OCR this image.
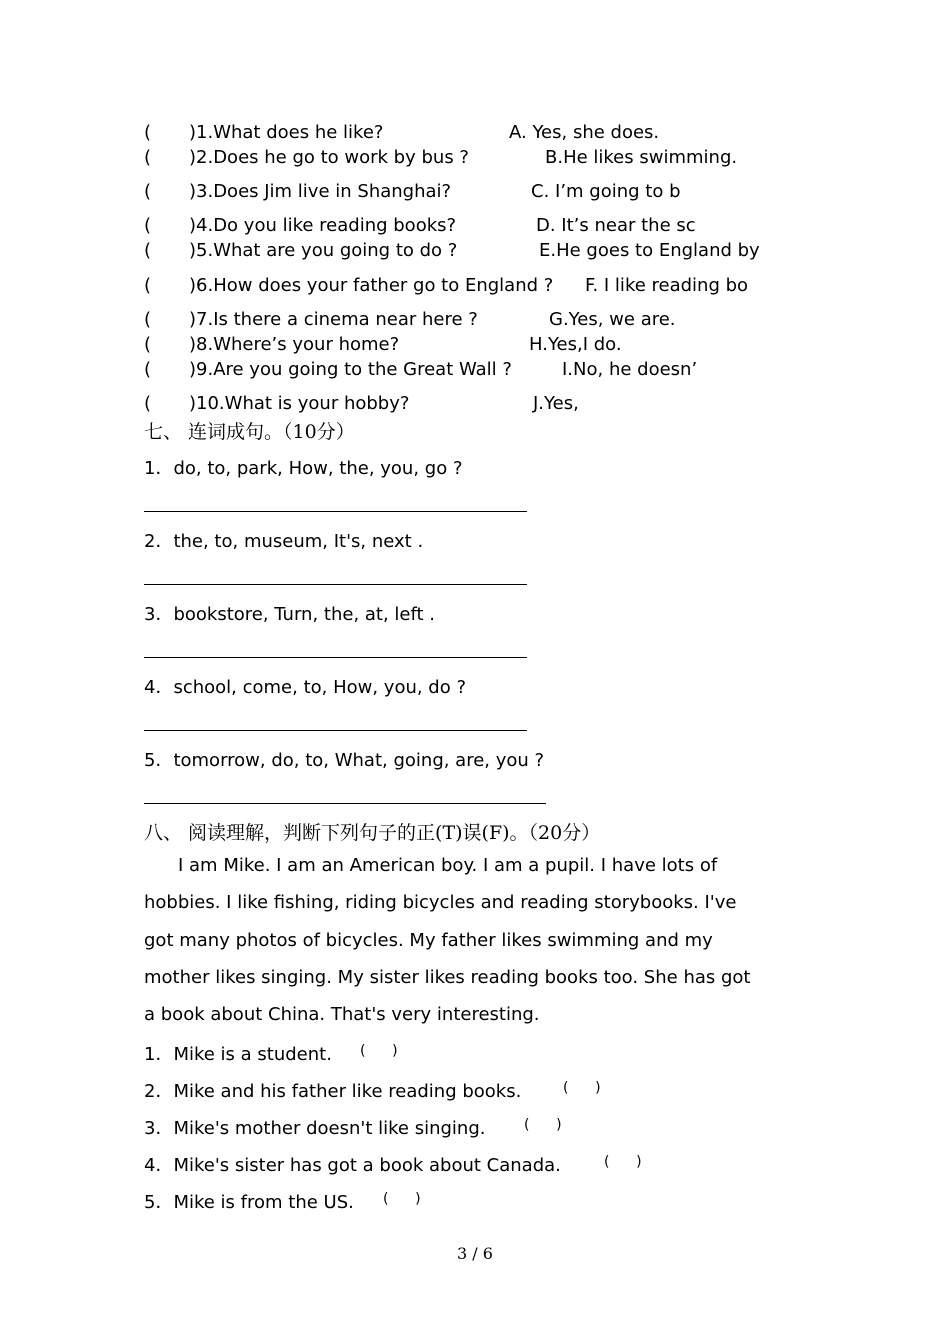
( )1.What does he like?	A. Yes, she does.
( )2.Does he go to work by bus ?	B.He likes swimming.
( )3.Does Jim live in Shanghai?	C. I’m going to b
( )4.Do you like reading books?	D. It’s near the sc
( )5.What are you going to do ?	E.He goes to England by
( )6.How does your father go to England ? F. I like reading bo
( )7.Is there a cinema near here ?	G.Yes, we are.
( )8.Where’s your home?	H.Yes,I do.
( )9.Are you going to the Great Wall ?	I.No, he doesn’
( )10.What is your hobby?	J.Yes,
七、 连词成句。（10分）
1．do, to, park, How, the, you, go ?
2．the, to, museum, It's, next .
3．bookstore, Turn, the, at, left .
4．school, come, to, How, you, do ?
5．tomorrow, do, to, What, going, are, you ?
八、 阅读理解，判断下列句子的正(T)误(F)。（20分）
I am Mike. I am an American boy. I am a pupil. I have lots of
hobbies. I like fishing, riding bicycles and reading storybooks. I've
got many photos of bicycles. My father likes swimming and my
mother likes singing. My sister likes reading books too. She has got
a book about China. That's very interesting.
1．Mike is a student. (      )
2．Mike and his father like reading books.	(      )
3．Mike's mother doesn't like singing.	(      )
4．Mike's sister has got a book about Canada.	(      )
5．Mike is from the US. (      )
3 / 6
